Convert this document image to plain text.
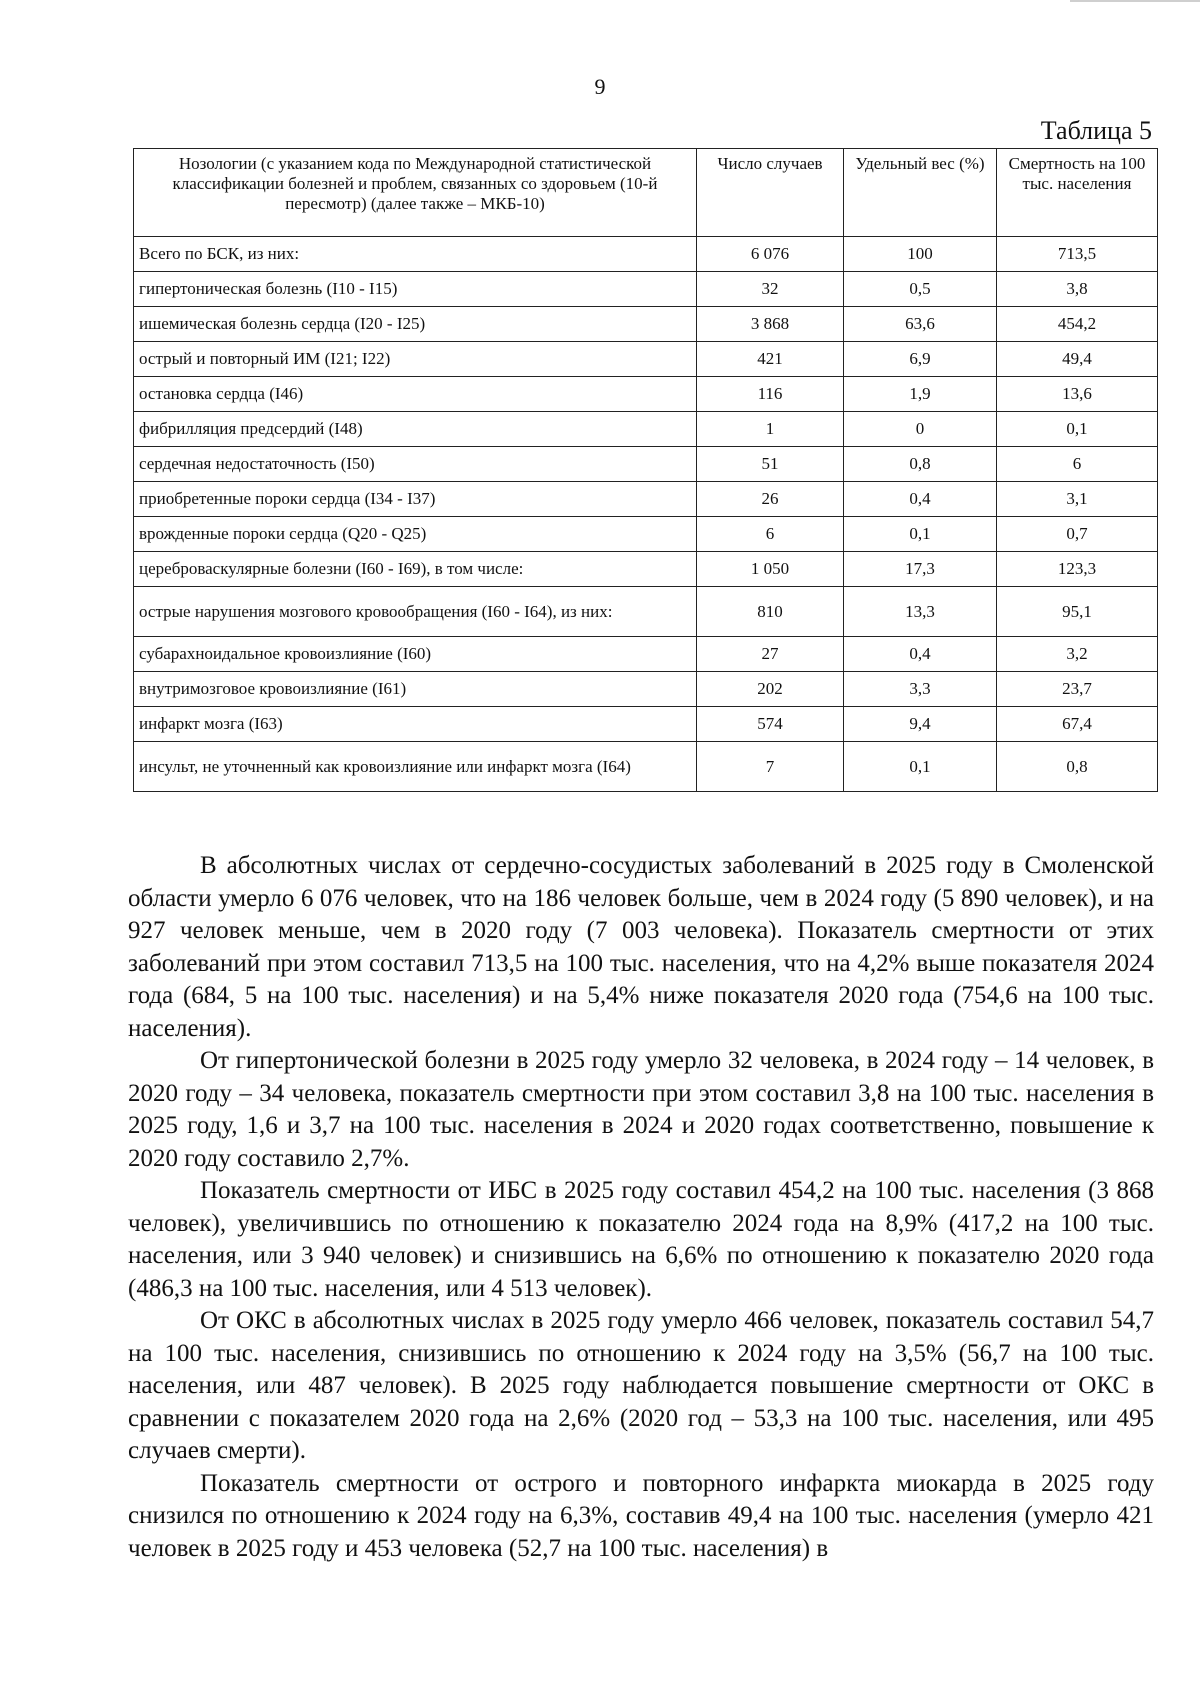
9
Таблица 5
Нозологии (с указанием кода по Международной статистической классификации болезней и проблем, связанных со здоровьем (10-й пересмотр) (далее также – МКБ-10)	Число случаев	Удельный вес (%)	Смертность на 100 тыс. населения
Всего по БСК, из них:	6 076	100	713,5
гипертоническая болезнь (I10 - I15)	32	0,5	3,8
ишемическая болезнь сердца (I20 - I25)	3 868	63,6	454,2
острый и повторный ИМ (I21; I22)	421	6,9	49,4
остановка сердца (I46)	116	1,9	13,6
фибрилляция предсердий (I48)	1	0	0,1
сердечная недостаточность (I50)	51	0,8	6
приобретенные пороки сердца (I34 - I37)	26	0,4	3,1
врожденные пороки сердца (Q20 - Q25)	6	0,1	0,7
цереброваскулярные болезни (I60 - I69), в том числе:	1 050	17,3	123,3
острые нарушения мозгового кровообращения (I60 - I64), из них:	810	13,3	95,1
субарахноидальное кровоизлияние (I60)	27	0,4	3,2
внутримозговое кровоизлияние (I61)	202	3,3	23,7
инфаркт мозга (I63)	574	9,4	67,4
инсульт, не уточненный как кровоизлияние или инфаркт мозга (I64)	7	0,1	0,8

В абсолютных числах от сердечно-сосудистых заболеваний в 2025 году в Смоленской области умерло 6 076 человек, что на 186 человек больше, чем в 2024 году (5 890 человек), и на 927 человек меньше, чем в 2020 году (7 003 человека). Показатель смертности от этих заболеваний при этом составил 713,5 на 100 тыс. населения, что на 4,2% выше показателя 2024 года (684, 5 на 100 тыс. населения) и на 5,4% ниже показателя 2020 года (754,6 на 100 тыс. населения).

От гипертонической болезни в 2025 году умерло 32 человека, в 2024 году – 14 человек, в 2020 году – 34 человека, показатель смертности при этом составил 3,8 на 100 тыс. населения в 2025 году, 1,6 и 3,7 на 100 тыс. населения в 2024 и 2020 годах соответственно, повышение к 2020 году составило 2,7%.

Показатель смертности от ИБС в 2025 году составил 454,2 на 100 тыс. населения (3 868 человек), увеличившись по отношению к показателю 2024 года на 8,9% (417,2 на 100 тыс. населения, или 3 940 человек) и снизившись на 6,6% по отношению к показателю 2020 года (486,3 на 100 тыс. населения, или 4 513 человек).

От ОКС в абсолютных числах в 2025 году умерло 466 человек, показатель составил 54,7 на 100 тыс. населения, снизившись по отношению к 2024 году на 3,5% (56,7 на 100 тыс. населения, или 487 человек). В 2025 году наблюдается повышение смертности от ОКС в сравнении с показателем 2020 года на 2,6% (2020 год – 53,3 на 100 тыс. населения, или 495 случаев смерти).

Показатель смертности от острого и повторного инфаркта миокарда в 2025 году снизился по отношению к 2024 году на 6,3%, составив 49,4 на 100 тыс. населения (умерло 421 человек в 2025 году и 453 человека (52,7 на 100 тыс. населения) в
